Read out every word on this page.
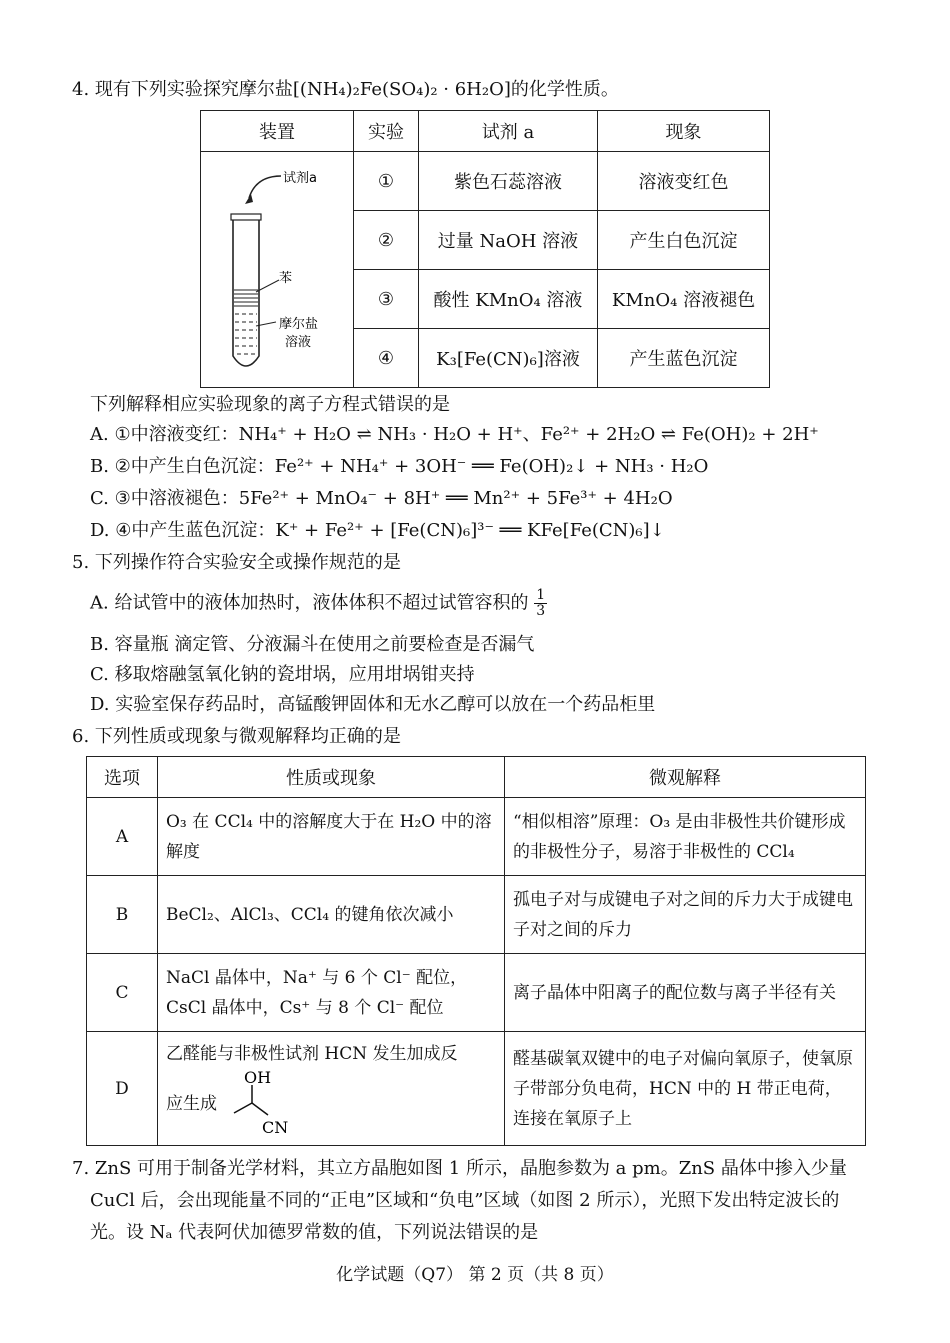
4. 现有下列实验探究摩尔盐[(NH₄)₂Fe(SO₄)₂ · 6H₂O]的化学性质。
装置	实验	试剂 a	现象

试剂a
苯
摩尔盐
溶液	①	紫色石蕊溶液	溶液变红色
	②	过量 NaOH 溶液	产生白色沉淀
	③	酸性 KMnO₄ 溶液	KMnO₄ 溶液褪色
	④	K₃[Fe(CN)₆]溶液	产生蓝色沉淀
下列解释相应实验现象的离子方程式错误的是
A. ①中溶液变红：NH₄⁺ + H₂O ⇌ NH₃ · H₂O + H⁺、Fe²⁺ + 2H₂O ⇌ Fe(OH)₂ + 2H⁺
B. ②中产生白色沉淀：Fe²⁺ + NH₄⁺ + 3OH⁻ ══ Fe(OH)₂↓ + NH₃ · H₂O
C. ③中溶液褪色：5Fe²⁺ + MnO₄⁻ + 8H⁺ ══ Mn²⁺ + 5Fe³⁺ + 4H₂O
D. ④中产生蓝色沉淀：K⁺ + Fe²⁺ + [Fe(CN)₆]³⁻ ══ KFe[Fe(CN)₆]↓
5. 下列操作符合实验安全或操作规范的是
A. 给试管中的液体加热时，液体体积不超过试管容积的 $\frac{1}{3}$
B. 容量瓶 滴定管、分液漏斗在使用之前要检查是否漏气
C. 移取熔融氢氧化钠的瓷坩埚，应用坩埚钳夹持
D. 实验室保存药品时，高锰酸钾固体和无水乙醇可以放在一个药品柜里
6. 下列性质或现象与微观解释均正确的是
选项	性质或现象	微观解释
A	O₃ 在 CCl₄ 中的溶解度大于在 H₂O 中的溶解度	“相似相溶”原理：O₃ 是由非极性共价键形成的非极性分子，易溶于非极性的 CCl₄
B	BeCl₂、AlCl₃、CCl₄ 的键角依次减小	孤电子对与成键电子对之间的斥力大于成键电子对之间的斥力
C	NaCl 晶体中，Na⁺ 与 6 个 Cl⁻ 配位，CsCl 晶体中，Cs⁺ 与 8 个 Cl⁻ 配位	离子晶体中阳离子的配位数与离子半径有关
D	乙醛能与非极性试剂 HCN 发生加成反
应生成
OH
CN	醛基碳氧双键中的电子对偏向氧原子，使氧原子带部分负电荷，HCN 中的 H 带正电荷，连接在氧原子上
7. ZnS 可用于制备光学材料，其立方晶胞如图 1 所示，晶胞参数为 a pm。ZnS 晶体中掺入少量
CuCl 后，会出现能量不同的“正电”区域和“负电”区域（如图 2 所示），光照下发出特定波长的
光。设 Nₐ 代表阿伏加德罗常数的值，下列说法错误的是
化学试题（Q7） 第 2 页（共 8 页）
